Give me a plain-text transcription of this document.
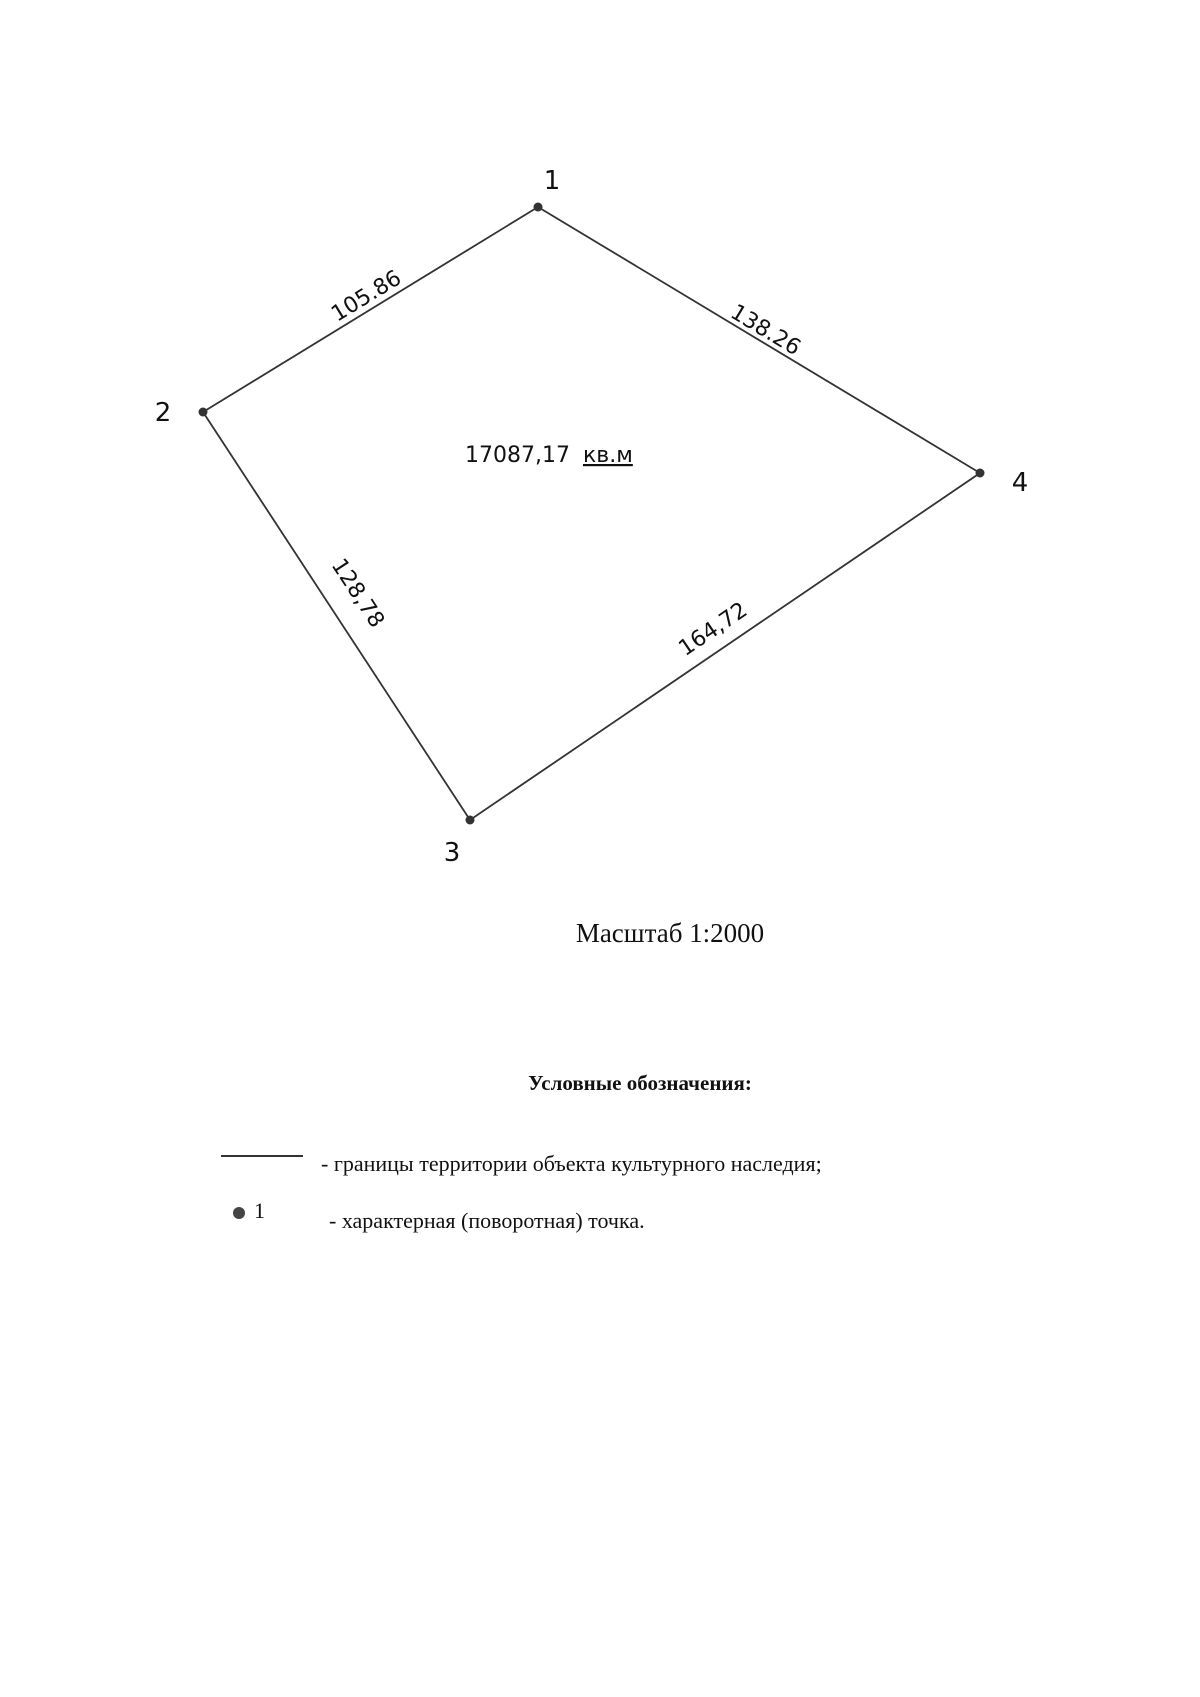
105.86
138.26
164,72
128,78
1
2
3
4
17087,17 кв.м
Масштаб 1:2000
Условные обозначения:
- границы территории объекта культурного наследия;
1	- характерная (поворотная) точка.
